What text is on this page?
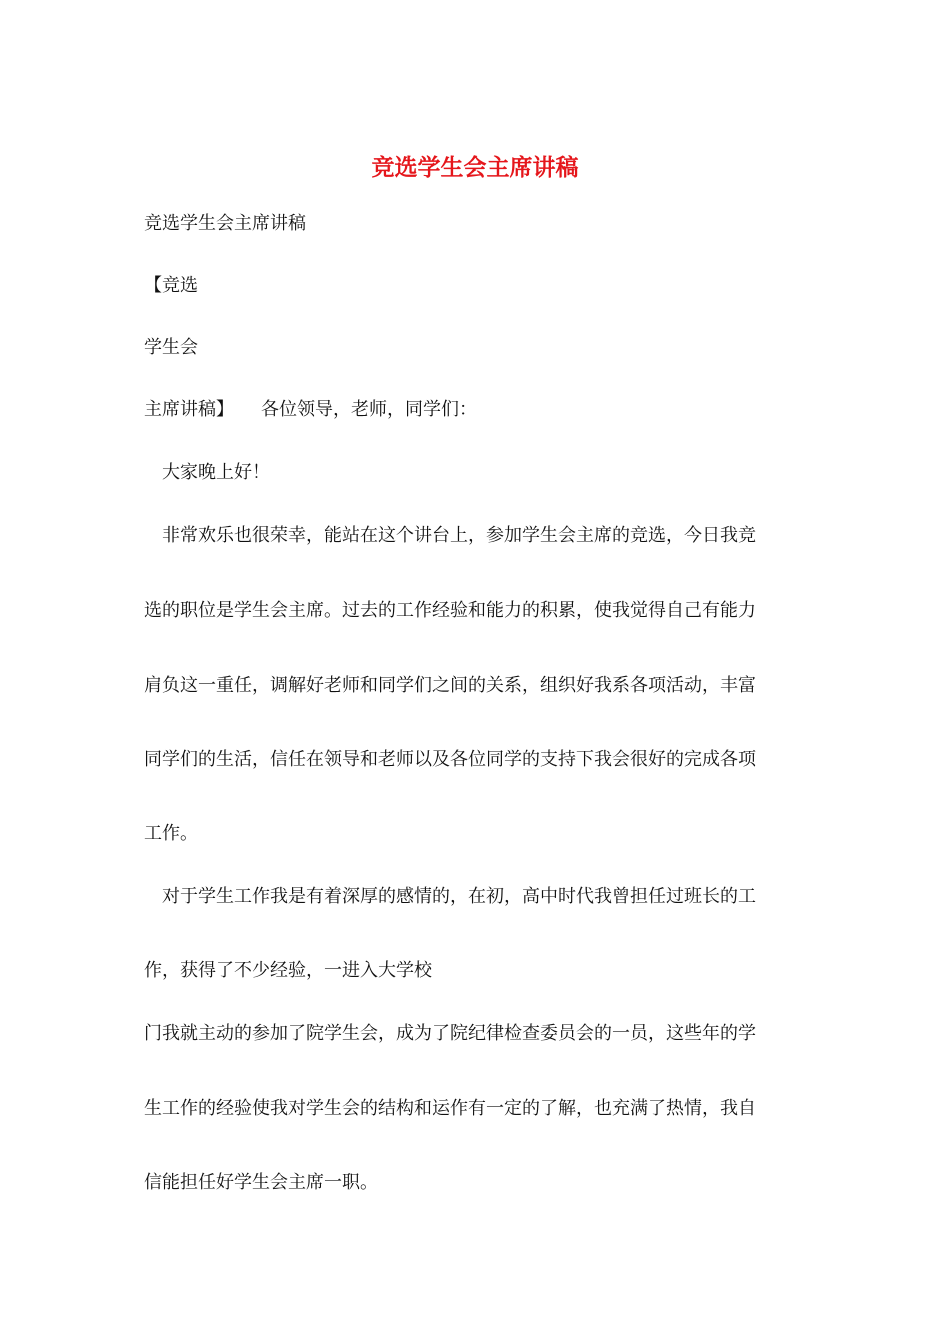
竞选学生会主席讲稿
竞选学生会主席讲稿
【竞选
学生会
主席讲稿】　　各位领导，老师，同学们：
　大家晚上好！
　非常欢乐也很荣幸，能站在这个讲台上，参加学生会主席的竞选，今日我竞
选的职位是学生会主席。过去的工作经验和能力的积累，使我觉得自己有能力
肩负这一重任，调解好老师和同学们之间的关系，组织好我系各项活动，丰富
同学们的生活，信任在领导和老师以及各位同学的支持下我会很好的完成各项
工作。
　对于学生工作我是有着深厚的感情的，在初，高中时代我曾担任过班长的工
作，获得了不少经验，一进入大学校
门我就主动的参加了院学生会，成为了院纪律检查委员会的一员，这些年的学
生工作的经验使我对学生会的结构和运作有一定的了解，也充满了热情，我自
信能担任好学生会主席一职。
